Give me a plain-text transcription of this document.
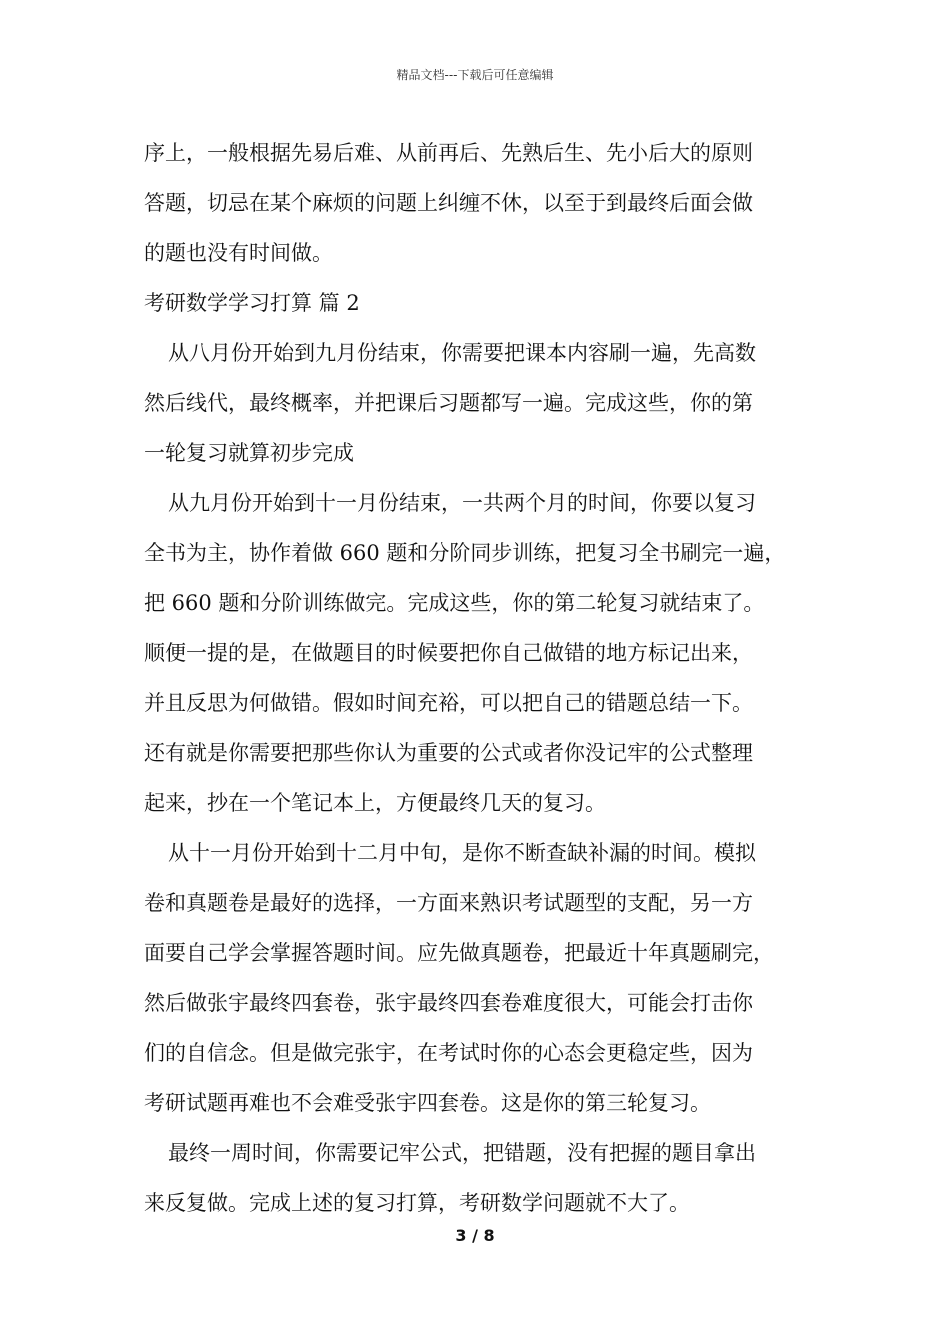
精品文档---下载后可任意编辑
序上，一般根据先易后难、从前再后、先熟后生、先小后大的原则
答题，切忌在某个麻烦的问题上纠缠不休，以至于到最终后面会做
的题也没有时间做。
考研数学学习打算 篇 2
从八月份开始到九月份结束，你需要把课本内容刷一遍，先高数
然后线代，最终概率，并把课后习题都写一遍。完成这些，你的第
一轮复习就算初步完成
从九月份开始到十一月份结束，一共两个月的时间，你要以复习
全书为主，协作着做 660 题和分阶同步训练，把复习全书刷完一遍，
把 660 题和分阶训练做完。完成这些，你的第二轮复习就结束了。
顺便一提的是，在做题目的时候要把你自己做错的地方标记出来，
并且反思为何做错。假如时间充裕，可以把自己的错题总结一下。
还有就是你需要把那些你认为重要的公式或者你没记牢的公式整理
起来，抄在一个笔记本上，方便最终几天的复习。
从十一月份开始到十二月中旬，是你不断查缺补漏的时间。模拟
卷和真题卷是最好的选择，一方面来熟识考试题型的支配，另一方
面要自己学会掌握答题时间。应先做真题卷，把最近十年真题刷完，
然后做张宇最终四套卷，张宇最终四套卷难度很大，可能会打击你
们的自信念。但是做完张宇，在考试时你的心态会更稳定些，因为
考研试题再难也不会难受张宇四套卷。这是你的第三轮复习。
最终一周时间，你需要记牢公式，把错题，没有把握的题目拿出
来反复做。完成上述的复习打算，考研数学问题就不大了。
3 / 8
